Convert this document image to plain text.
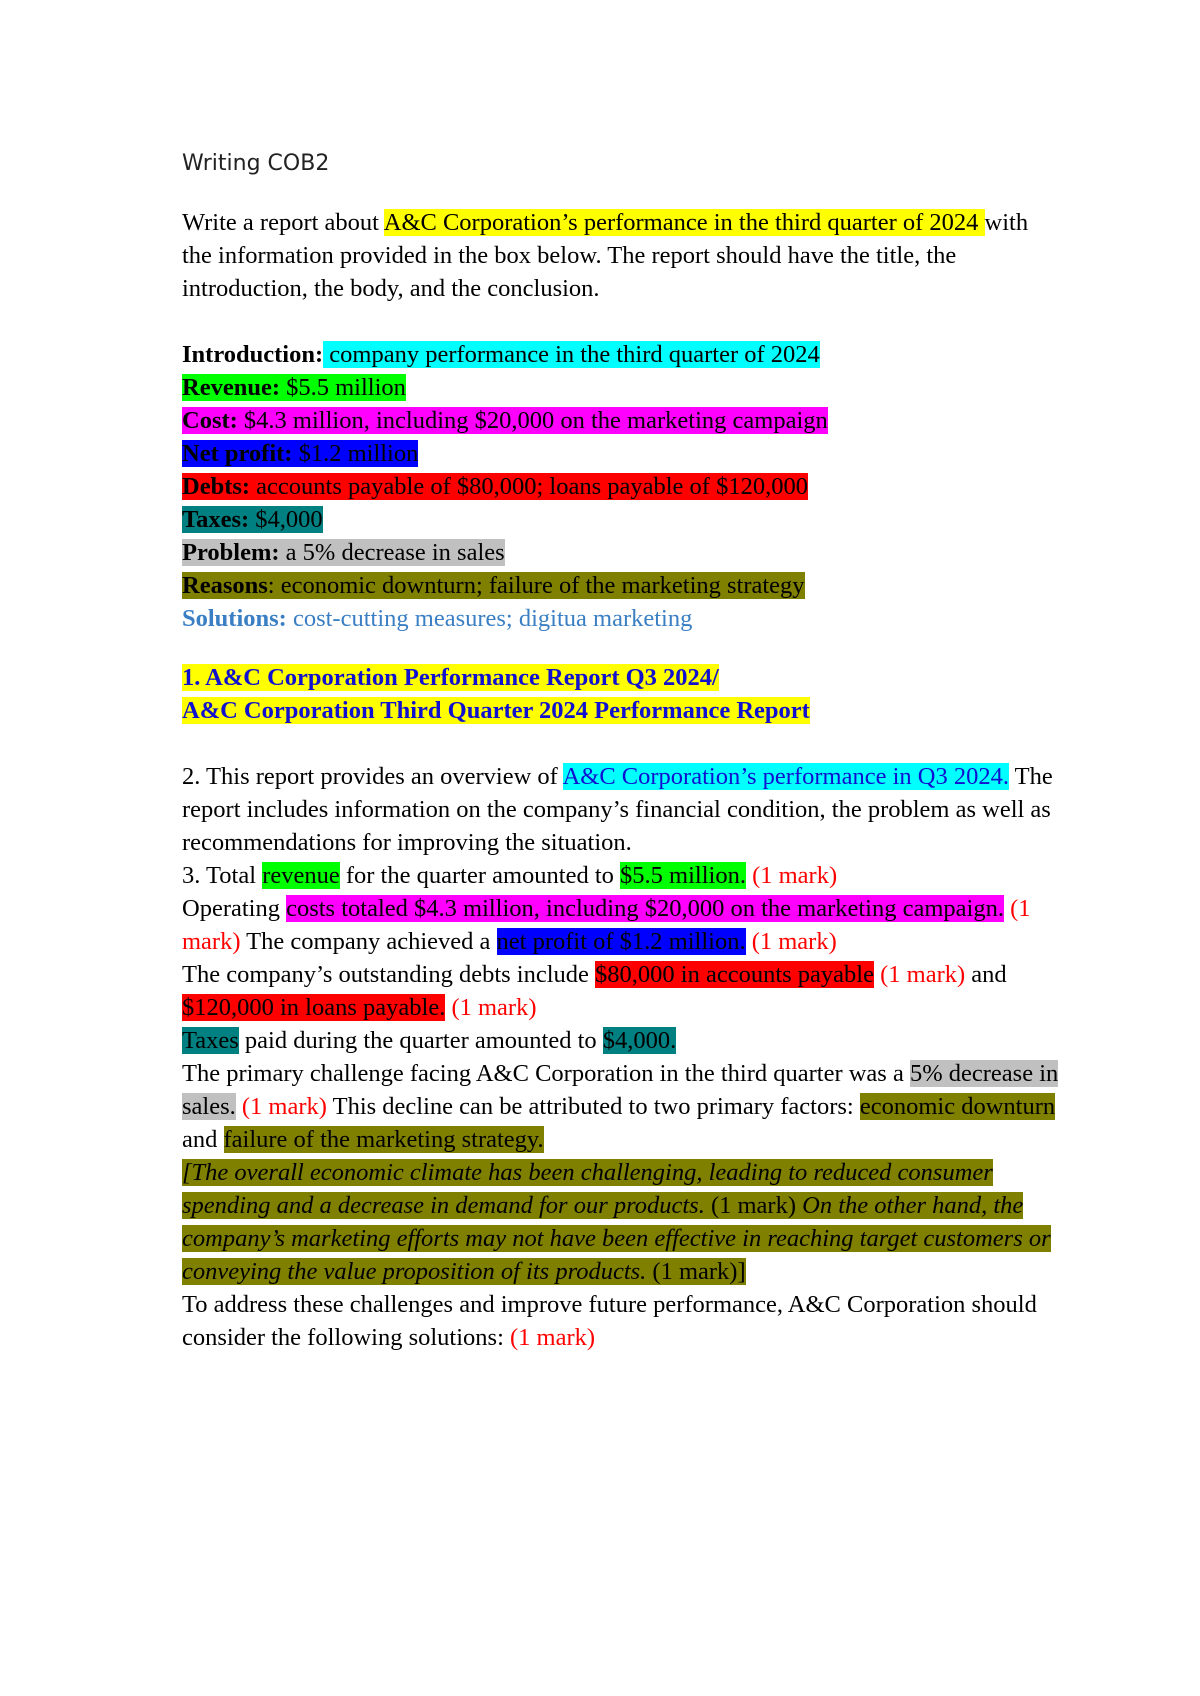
Writing COB2

Write a report about A&C Corporation’s performance in the third quarter of 2024 with the information provided in the box below. The report should have the title, the introduction, the body, and the conclusion.

Introduction: company performance in the third quarter of 2024
Revenue: $5.5 million
Cost: $4.3 million, including $20,000 on the marketing campaign
Net profit: $1.2 million
Debts: accounts payable of $80,000; loans payable of $120,000
Taxes: $4,000
Problem: a 5% decrease in sales
Reasons: economic downturn; failure of the marketing strategy
Solutions: cost-cutting measures; digitua marketing
1. A&C Corporation Performance Report Q3 2024/
A&C Corporation Third Quarter 2024 Performance Report

2. This report provides an overview of A&C Corporation’s performance in Q3 2024. The report includes information on the company’s financial condition, the problem as well as recommendations for improving the situation.

3. Total revenue for the quarter amounted to $5.5 million. (1 mark)
Operating costs totaled $4.3 million, including $20,000 on the marketing campaign. (1 mark) The company achieved a net profit of $1.2 million. (1 mark)
The company’s outstanding debts include $80,000 in accounts payable (1 mark) and $120,000 in loans payable. (1 mark)
Taxes paid during the quarter amounted to $4,000.
The primary challenge facing A&C Corporation in the third quarter was a 5% decrease in sales. (1 mark) This decline can be attributed to two primary factors: economic downturn and failure of the marketing strategy.
[The overall economic climate has been challenging, leading to reduced consumer spending and a decrease in demand for our products. (1 mark) On the other hand, the company’s marketing efforts may not have been effective in reaching target customers or conveying the value proposition of its products. (1 mark)]
To address these challenges and improve future performance, A&C Corporation should consider the following solutions: (1 mark)
